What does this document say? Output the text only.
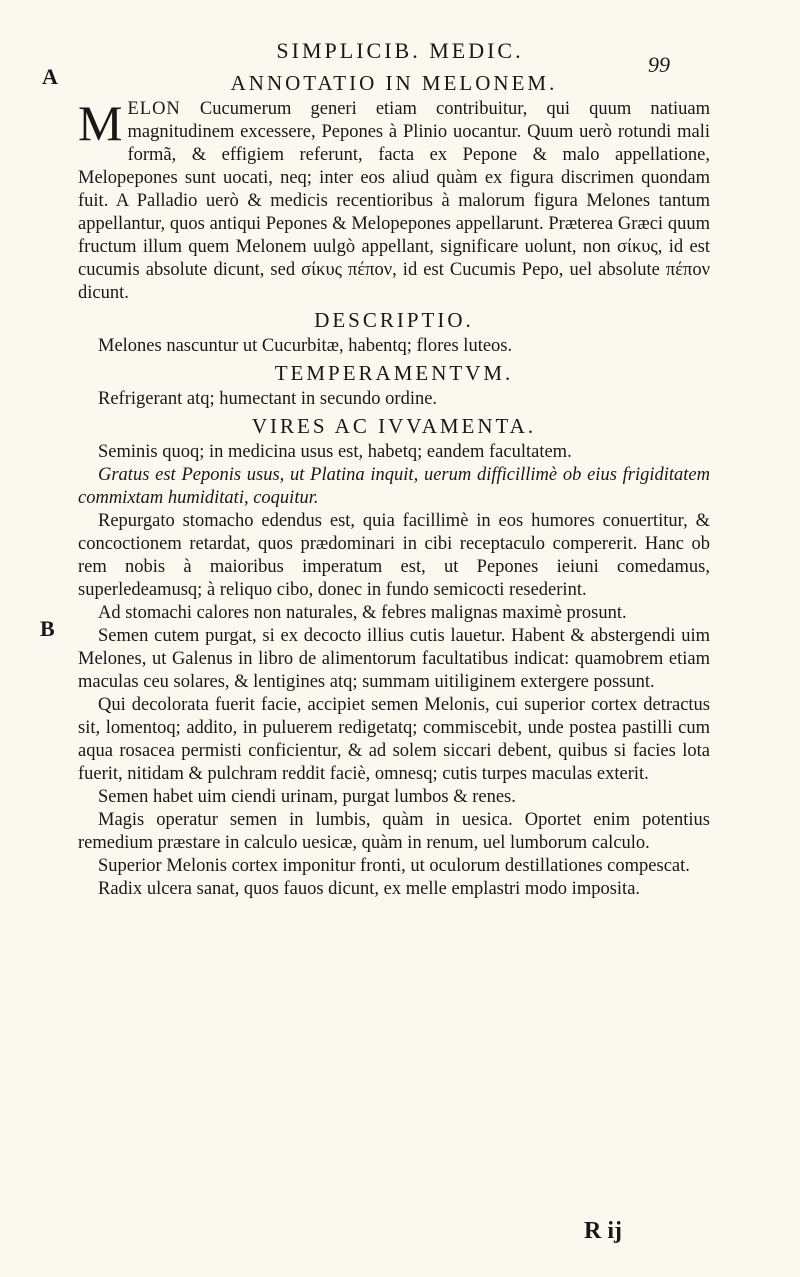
SIMPLICIB. MEDIC.
99
A
B
ANNOTATIO IN MELONEM.

MELON Cucumerum generi etiam contribuitur, qui quum natiuam magnitudinem excessere, Pepones à Plinio uocantur. Quum uerò rotundi mali formã, & effigiem referunt, facta ex Pepone & malo appellatione, Melopepones sunt uocati, neq; inter eos aliud quàm ex figura discrimen quondam fuit. A Palladio uerò & medicis recentioribus à malorum figura Melones tantum appellantur, quos antiqui Pepones & Melopepones appellarunt. Præterea Græci quum fructum illum quem Melonem uulgò appellant, significare uolunt, non σίκυς, id est cucumis absolute dicunt, sed σίκυς πέπον, id est Cucumis Pepo, uel absolute πέπον dicunt.

DESCRIPTIO.

Melones nascuntur ut Cucurbitæ, habentq; flores luteos.

TEMPERAMENTVM.

Refrigerant atq; humectant in secundo ordine.

VIRES AC IVVAMENTA.

Seminis quoq; in medicina usus est, habetq; eandem facultatem.

Gratus est Peponis usus, ut Platina inquit, uerum difficillimè ob eius frigiditatem commixtam humiditati, coquitur.

Repurgato stomacho edendus est, quia facillimè in eos humores conuertitur, & concoctionem retardat, quos prædominari in cibi receptaculo compererit. Hanc ob rem nobis à maioribus imperatum est, ut Pepones ieiuni comedamus, superledeamusq; à reliquo cibo, donec in fundo semicocti resederint.

Ad stomachi calores non naturales, & febres malignas maximè prosunt.

Semen cutem purgat, si ex decocto illius cutis lauetur. Habent & abstergendi uim Melones, ut Galenus in libro de alimentorum facultatibus indicat: quamobrem etiam maculas ceu solares, & lentigines atq; summam uitiliginem extergere possunt.

Qui decolorata fuerit facie, accipiet semen Melonis, cui superior cortex detractus sit, lomentoq; addito, in puluerem redigetatq; commiscebit, unde postea pastilli cum aqua rosacea permisti conficientur, & ad solem siccari debent, quibus si facies lota fuerit, nitidam & pulchram reddit faciè, omnesq; cutis turpes maculas exterit.

Semen habet uim ciendi urinam, purgat lumbos & renes.

Magis operatur semen in lumbis, quàm in uesica. Oportet enim potentius remedium præstare in calculo uesicæ, quàm in renum, uel lumborum calculo.

Superior Melonis cortex imponitur fronti, ut oculorum destillationes compescat.

Radix ulcera sanat, quos fauos dicunt, ex melle emplastri modo imposita.

R ij
